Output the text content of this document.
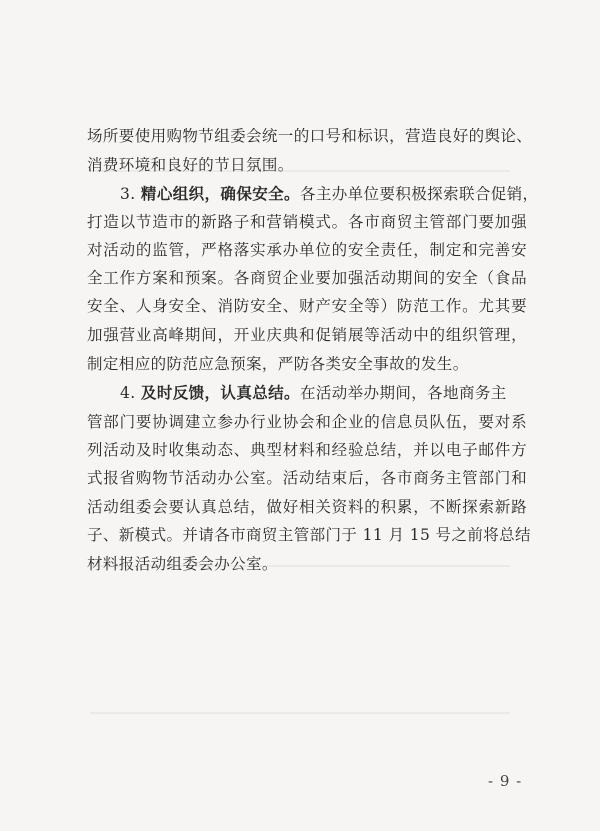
场所要使用购物节组委会统一的口号和标识，营造良好的舆论、
消费环境和良好的节日氛围。
3. 精心组织，确保安全。各主办单位要积极探索联合促销，
打造以节造市的新路子和营销模式。各市商贸主管部门要加强
对活动的监管，严格落实承办单位的安全责任，制定和完善安
全工作方案和预案。各商贸企业要加强活动期间的安全（食品
安全、人身安全、消防安全、财产安全等）防范工作。尤其要
加强营业高峰期间，开业庆典和促销展等活动中的组织管理，
制定相应的防范应急预案，严防各类安全事故的发生。
4. 及时反馈，认真总结。在活动举办期间，各地商务主
管部门要协调建立参办行业协会和企业的信息员队伍，要对系
列活动及时收集动态、典型材料和经验总结，并以电子邮件方
式报省购物节活动办公室。活动结束后，各市商务主管部门和
活动组委会要认真总结，做好相关资料的积累，不断探索新路
子、新模式。并请各市商贸主管部门于 11 月 15 号之前将总结
材料报活动组委会办公室。
- 9 -
